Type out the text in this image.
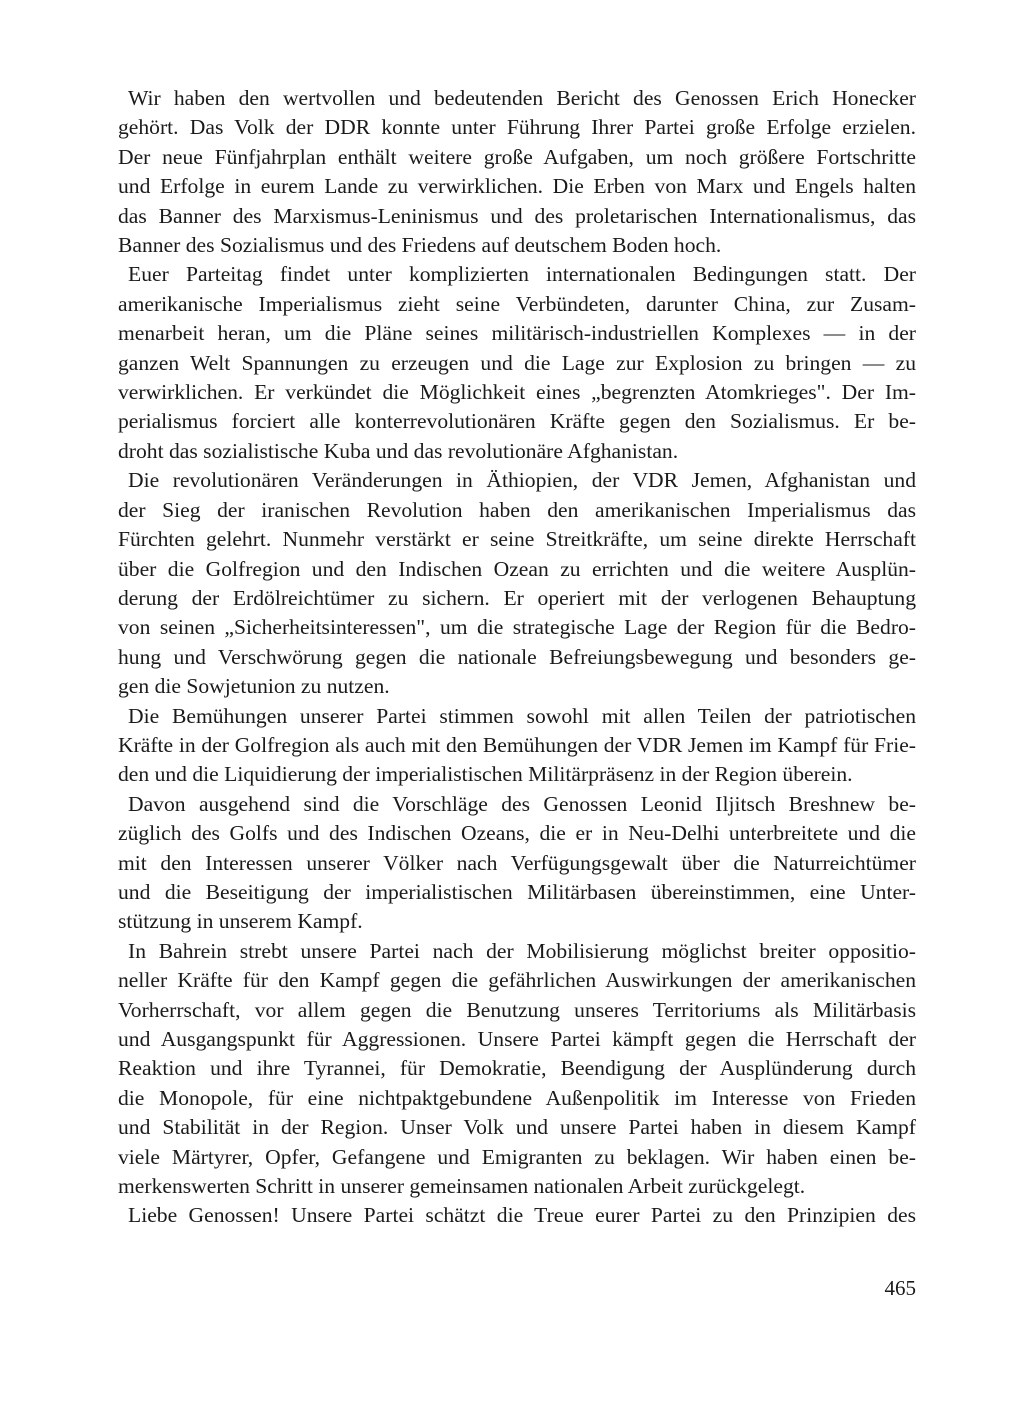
Wir haben den wertvollen und bedeutenden Bericht des Genossen Erich Honecker
gehört. Das Volk der DDR konnte unter Führung Ihrer Partei große Erfolge erzielen.
Der neue Fünfjahrplan enthält weitere große Aufgaben, um noch größere Fortschritte
und Erfolge in eurem Lande zu verwirklichen. Die Erben von Marx und Engels halten
das Banner des Marxismus-Leninismus und des proletarischen Internationalismus, das
Banner des Sozialismus und des Friedens auf deutschem Boden hoch.
Euer Parteitag findet unter komplizierten internationalen Bedingungen statt. Der
amerikanische Imperialismus zieht seine Verbündeten, darunter China, zur Zusam-
menarbeit heran, um die Pläne seines militärisch-industriellen Komplexes — in der
ganzen Welt Spannungen zu erzeugen und die Lage zur Explosion zu bringen — zu
verwirklichen. Er verkündet die Möglichkeit eines „begrenzten Atomkrieges". Der Im-
perialismus forciert alle konterrevolutionären Kräfte gegen den Sozialismus. Er be-
droht das sozialistische Kuba und das revolutionäre Afghanistan.
Die revolutionären Veränderungen in Äthiopien, der VDR Jemen, Afghanistan und
der Sieg der iranischen Revolution haben den amerikanischen Imperialismus das
Fürchten gelehrt. Nunmehr verstärkt er seine Streitkräfte, um seine direkte Herrschaft
über die Golfregion und den Indischen Ozean zu errichten und die weitere Ausplün-
derung der Erdölreichtümer zu sichern. Er operiert mit der verlogenen Behauptung
von seinen „Sicherheitsinteressen", um die strategische Lage der Region für die Bedro-
hung und Verschwörung gegen die nationale Befreiungsbewegung und besonders ge-
gen die Sowjetunion zu nutzen.
Die Bemühungen unserer Partei stimmen sowohl mit allen Teilen der patriotischen
Kräfte in der Golfregion als auch mit den Bemühungen der VDR Jemen im Kampf für Frie-
den und die Liquidierung der imperialistischen Militärpräsenz in der Region überein.
Davon ausgehend sind die Vorschläge des Genossen Leonid Iljitsch Breshnew be-
züglich des Golfs und des Indischen Ozeans, die er in Neu-Delhi unterbreitete und die
mit den Interessen unserer Völker nach Verfügungsgewalt über die Naturreichtümer
und die Beseitigung der imperialistischen Militärbasen übereinstimmen, eine Unter-
stützung in unserem Kampf.
In Bahrein strebt unsere Partei nach der Mobilisierung möglichst breiter oppositio-
neller Kräfte für den Kampf gegen die gefährlichen Auswirkungen der amerikanischen
Vorherrschaft, vor allem gegen die Benutzung unseres Territoriums als Militärbasis
und Ausgangspunkt für Aggressionen. Unsere Partei kämpft gegen die Herrschaft der
Reaktion und ihre Tyrannei, für Demokratie, Beendigung der Ausplünderung durch
die Monopole, für eine nichtpaktgebundene Außenpolitik im Interesse von Frieden
und Stabilität in der Region. Unser Volk und unsere Partei haben in diesem Kampf
viele Märtyrer, Opfer, Gefangene und Emigranten zu beklagen. Wir haben einen be-
merkenswerten Schritt in unserer gemeinsamen nationalen Arbeit zurückgelegt.
Liebe Genossen! Unsere Partei schätzt die Treue eurer Partei zu den Prinzipien des
465
